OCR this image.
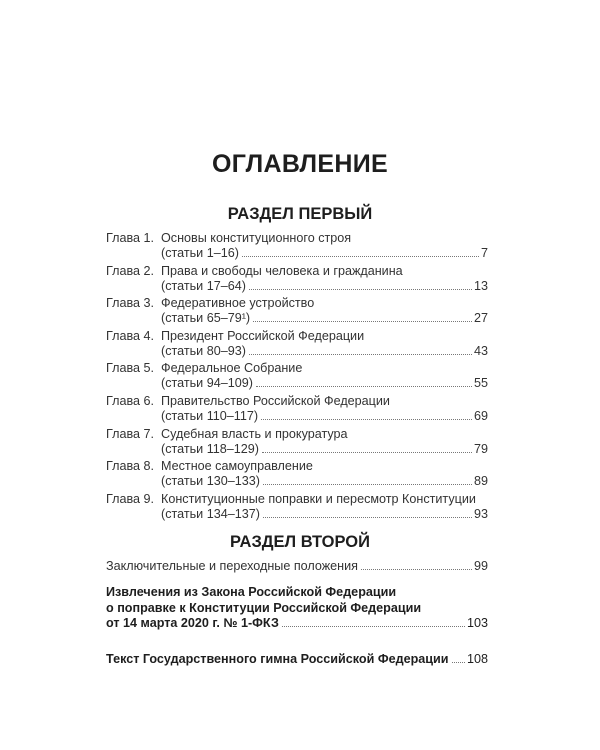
ОГЛАВЛЕНИЕ
РАЗДЕЛ ПЕРВЫЙ
Глава 1. Основы конституционного строя
(статьи 1–16)	7
Глава 2. Права и свободы человека и гражданина
(статьи 17–64)	13
Глава 3. Федеративное устройство
(статьи 65–79¹)	27
Глава 4. Президент Российской Федерации
(статьи 80–93)	43
Глава 5. Федеральное Собрание
(статьи 94–109)	55
Глава 6. Правительство Российской Федерации
(статьи 110–117)	69
Глава 7. Судебная власть и прокуратура
(статьи 118–129)	79
Глава 8. Местное самоуправление
(статьи 130–133)	89
Глава 9. Конституционные поправки и пересмотр Конституции
(статьи 134–137)	93
РАЗДЕЛ ВТОРОЙ
Заключительные и переходные положения	99
Извлечения из Закона Российской Федерации
о поправке к Конституции Российской Федерации
от 14 марта 2020 г. № 1-ФКЗ	103
Текст Государственного гимна Российской Федерации 108
